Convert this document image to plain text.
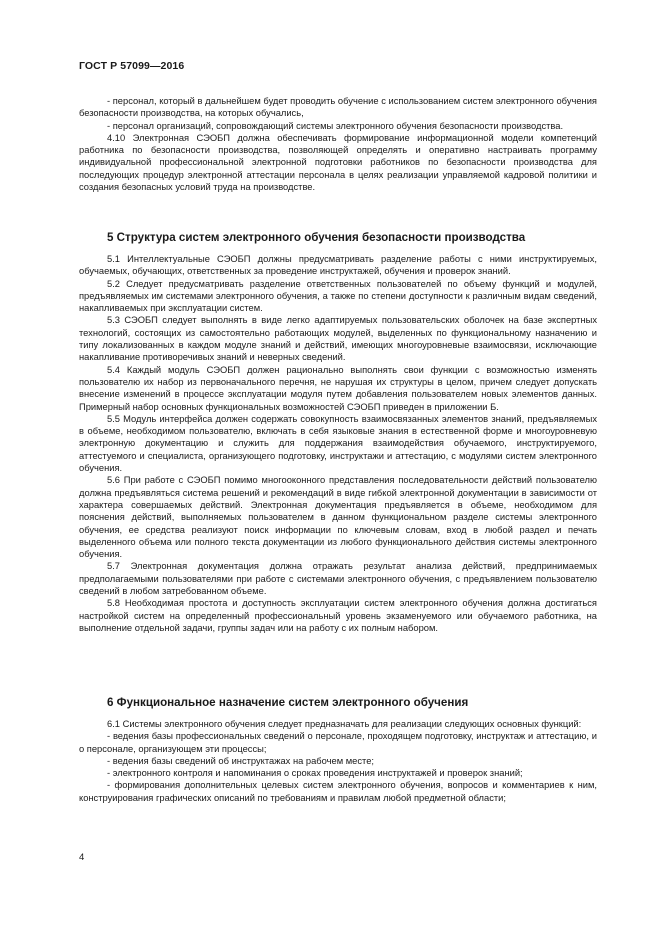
ГОСТ Р 57099—2016

- персонал, который в дальнейшем будет проводить обучение с использованием систем электронного обучения безопасности производства, на которых обучались,

- персонал организаций, сопровождающий системы электронного обучения безопасности производства.

4.10 Электронная СЭОБП должна обеспечивать формирование информационной модели компетенций работника по безопасности производства, позволяющей определять и оперативно настраивать программу индивидуальной профессиональной электронной подготовки работников по безопасности производства для последующих процедур электронной аттестации персонала в целях реализации управляемой кадровой политики и создания безопасных условий труда на производстве.

5 Структура систем электронного обучения безопасности производства

5.1 Интеллектуальные СЭОБП должны предусматривать разделение работы с ними инструктируемых, обучаемых, обучающих, ответственных за проведение инструктажей, обучения и проверок знаний.

5.2 Следует предусматривать разделение ответственных пользователей по объему функций и модулей, предъявляемых им системами электронного обучения, а также по степени доступности к различным видам сведений, накапливаемых при эксплуатации систем.

5.3 СЭОБП следует выполнять в виде легко адаптируемых пользовательских оболочек на базе экспертных технологий, состоящих из самостоятельно работающих модулей, выделенных по функциональному назначению и типу локализованных в каждом модуле знаний и действий, имеющих многоуровневые взаимосвязи, исключающие накапливание противоречивых знаний и неверных сведений.

5.4 Каждый модуль СЭОБП должен рационально выполнять свои функции с возможностью изменять пользователю их набор из первоначального перечня, не нарушая их структуры в целом, причем следует допускать внесение изменений в процессе эксплуатации модуля путем добавления пользователем новых элементов данных. Примерный набор основных функциональных возможностей СЭОБП приведен в приложении Б.

5.5 Модуль интерфейса должен содержать совокупность взаимосвязанных элементов знаний, предъявляемых в объеме, необходимом пользователю, включать в себя языковые знания в естественной форме и многоуровневую электронную документацию и служить для поддержания взаимодействия обучаемого, инструктируемого, аттестуемого и специалиста, организующего подготовку, инструктажи и аттестацию, с модулями систем электронного обучения.

5.6 При работе с СЭОБП помимо многооконного представления последовательности действий пользователю должна предъявляться система решений и рекомендаций в виде гибкой электронной документации в зависимости от характера совершаемых действий. Электронная документация предъявляется в объеме, необходимом для пояснения действий, выполняемых пользователем в данном функциональном разделе системы электронного обучения, ее средства реализуют поиск информации по ключевым словам, вход в любой раздел и печать выделенного объема или полного текста документации из любого функционального действия системы электронного обучения.

5.7 Электронная документация должна отражать результат анализа действий, предпринимаемых предполагаемыми пользователями при работе с системами электронного обучения, с предъявлением пользователю сведений в любом затребованном объеме.

5.8 Необходимая простота и доступность эксплуатации систем электронного обучения должна достигаться настройкой систем на определенный профессиональный уровень экзаменуемого или обучаемого работника, на выполнение отдельной задачи, группы задач или на работу с их полным набором.

6 Функциональное назначение систем электронного обучения

6.1 Системы электронного обучения следует предназначать для реализации следующих основных функций:

- ведения базы профессиональных сведений о персонале, проходящем подготовку, инструктаж и аттестацию, и о персонале, организующем эти процессы;

- ведения базы сведений об инструктажах на рабочем месте;

- электронного контроля и напоминания о сроках проведения инструктажей и проверок знаний;

- формирования дополнительных целевых систем электронного обучения, вопросов и комментариев к ним, конструирования графических описаний по требованиям и правилам любой предметной области;

4
